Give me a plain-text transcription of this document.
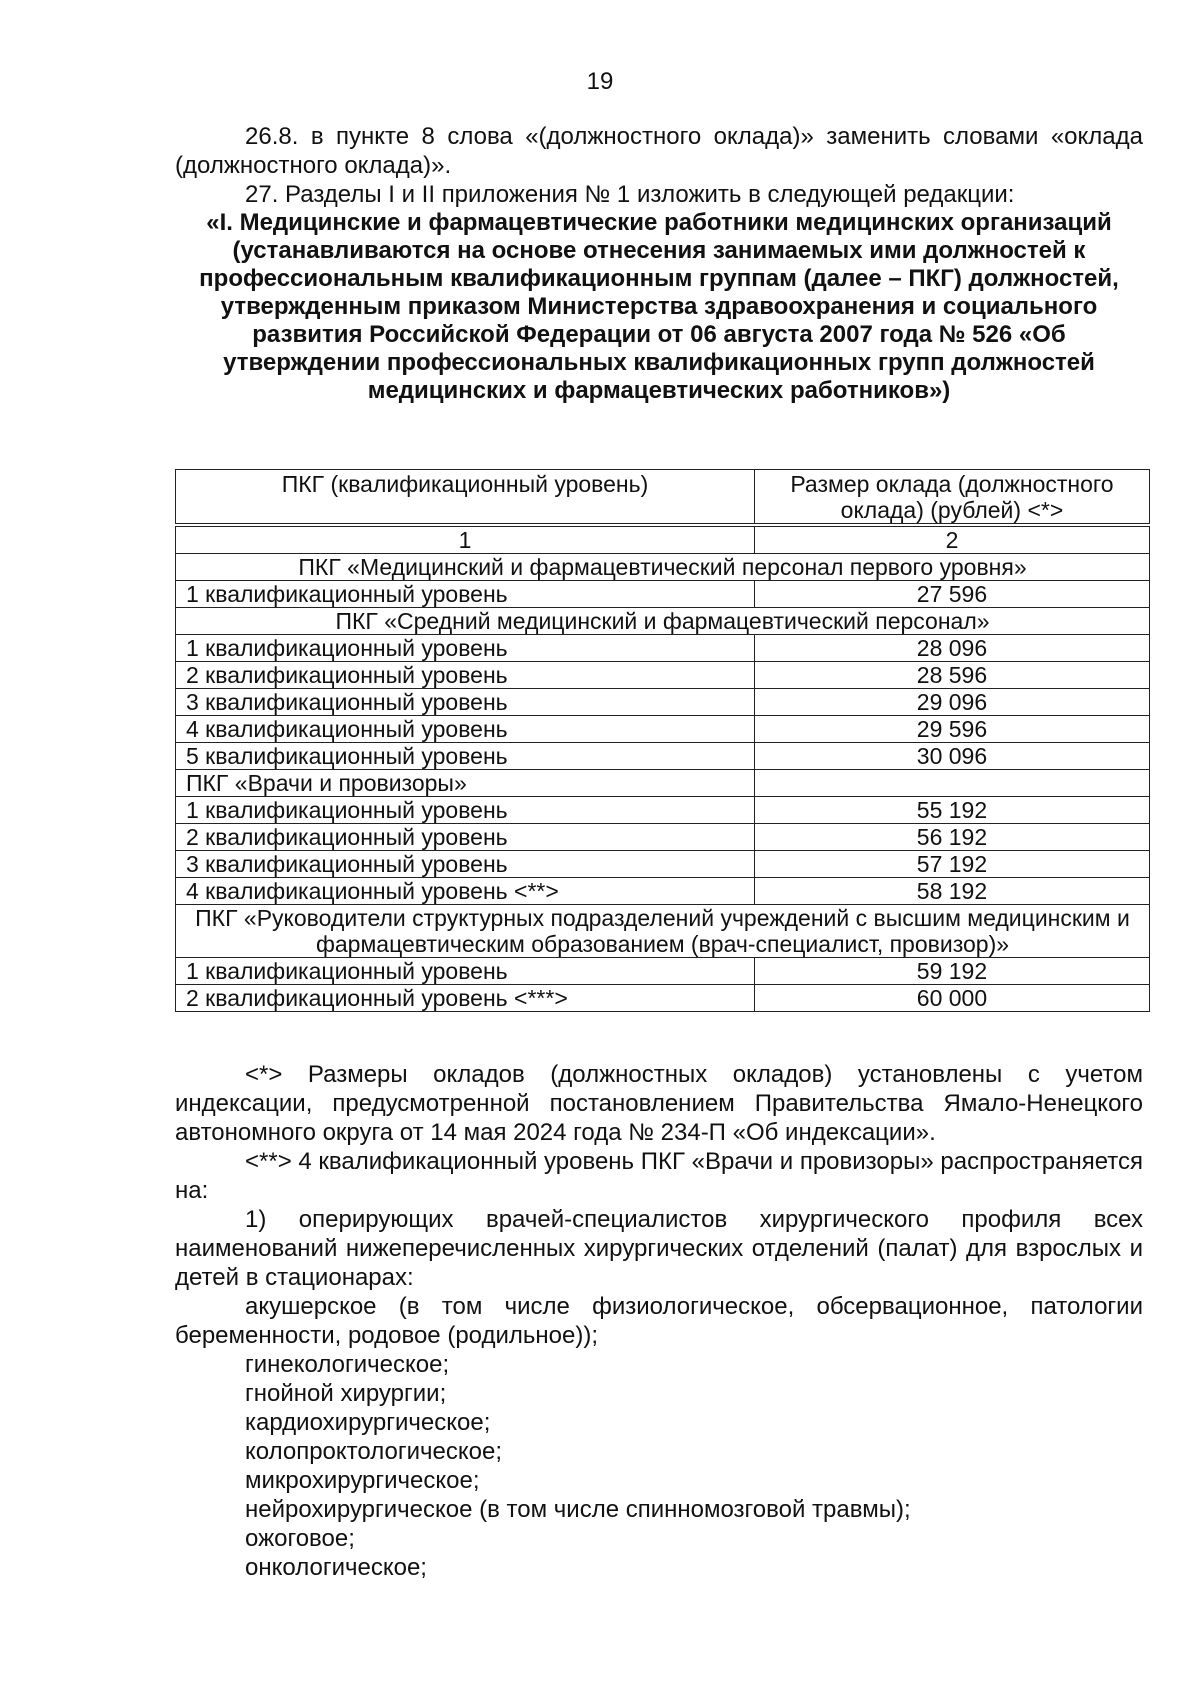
19

26.8. в пункте 8 слова «(должностного оклада)» заменить словами «оклада (должностного оклада)».

27. Разделы I и II приложения № 1 изложить в следующей редакции:

«I. Медицинские и фармацевтические работники медицинских организаций (устанавливаются на основе отнесения занимаемых ими должностей к профессиональным квалификационным группам (далее – ПКГ) должностей, утвержденным приказом Министерства здравоохранения и социального развития Российской Федерации от 06 августа 2007 года № 526 «Об утверждении профессиональных квалификационных групп должностей медицинских и фармацевтических работников»)

ПКГ (квалификационный уровень)	Размер оклада (должностного оклада) (рублей) <*>

1	2
ПКГ «Медицинский и фармацевтический персонал первого уровня»	
1 квалификационный уровень	27 596
ПКГ «Средний медицинский и фармацевтический персонал»	
1 квалификационный уровень	28 096
2 квалификационный уровень	28 596
3 квалификационный уровень	29 096
4 квалификационный уровень	29 596
5 квалификационный уровень	30 096
ПКГ «Врачи и провизоры»	
1 квалификационный уровень	55 192
2 квалификационный уровень	56 192
3 квалификационный уровень	57 192
4 квалификационный уровень <**>	58 192
ПКГ «Руководители структурных подразделений учреждений с высшим медицинским и фармацевтическим образованием (врач-специалист, провизор)»	
1 квалификационный уровень	59 192
2 квалификационный уровень <***>	60 000

<*> Размеры окладов (должностных окладов) установлены с учетом индексации, предусмотренной постановлением Правительства Ямало-Ненецкого автономного округа от 14 мая 2024 года № 234-П «Об индексации».

<**> 4 квалификационный уровень ПКГ «Врачи и провизоры» распространяется на:

1) оперирующих врачей-специалистов хирургического профиля всех наименований нижеперечисленных хирургических отделений (палат) для взрослых и детей в стационарах:

акушерское (в том числе физиологическое, обсервационное, патологии беременности, родовое (родильное));

гинекологическое;

гнойной хирургии;

кардиохирургическое;

колопроктологическое;

микрохирургическое;

нейрохирургическое (в том числе спинномозговой травмы);

ожоговое;

онкологическое;
